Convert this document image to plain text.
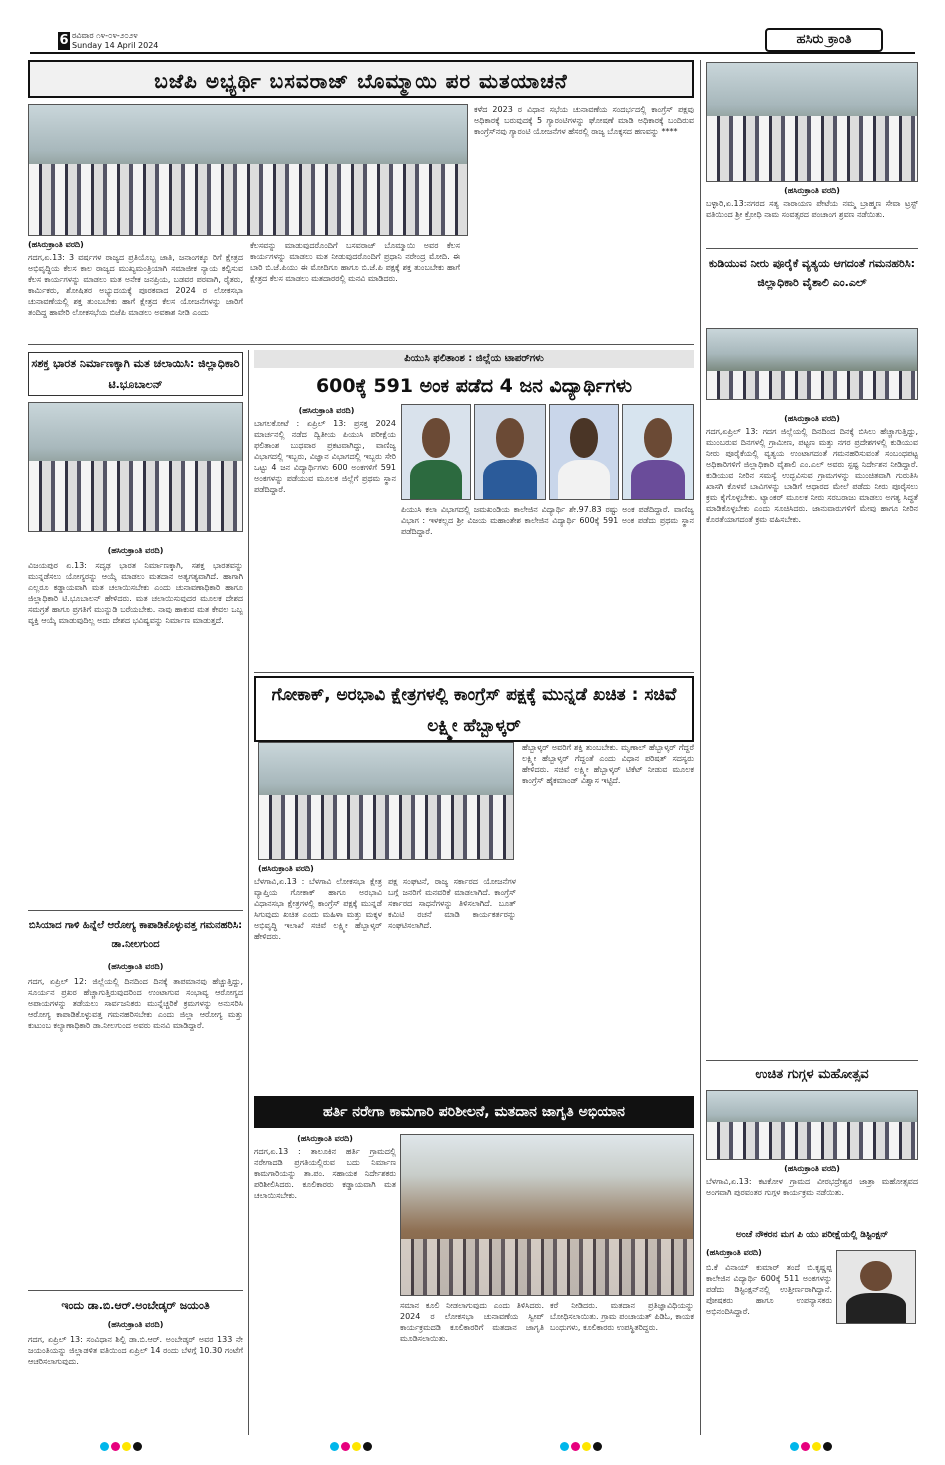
6 ರವಿವಾರ ೧೪-೦೪-೨೦೨೪
Sunday 14 April 2024	ಹಸಿರು ಕ್ರಾಂತಿ
ಬಜೆಪಿ ಅಭ್ಯರ್ಥಿ ಬಸವರಾಜ್ ಬೊಮ್ಮಾಯಿ ಪರ ಮತಯಾಚನೆ
(ಹಸಿರುಕ್ರಾಂತಿ ವರದಿ)
ಗದಗ,ಏ.13: 3 ವರ್ಷಗಳ ರಾಜ್ಯದ ಪ್ರತಿಯೊಬ್ಬ ಜಾತಿ, ಜನಾಂಗಕ್ಕೂ ರಿಗೆ ಕ್ಷೇತ್ರದ ಅಭಿವೃದ್ಧಿಯ ಕೆಲಸ ಕಾಲ ರಾಜ್ಯದ ಮುಖ್ಯಮಂತ್ರಿಯಾಗಿ ಸಮಾಜೀಕ ನ್ಯಾಯ ಕಲ್ಪಿಸುವ ಕೆಲಸ ಕಾರ್ಯಗಳನ್ನು ಮಾಡಲು ಮತ ಅನೇಕ ಜನಪ್ರಿಯ, ಬಡವರ ಪರವಾಗಿ, ರೈತರು, ಕಾರ್ಮಿಕರು, ಶೋಷಿತರ ಅಭ್ಯುದಯಕ್ಕೆ ಪೂರಕವಾದ 2024 ರ ಲೋಕಸಭಾ ಚುನಾವಣೆಯಲ್ಲಿ ಶಕ್ತ ತುಂಬಬೇಕು ಹಾಗೆ ಕ್ಷೇತ್ರದ ಕೆಲಸ ಯೋಜನೆಗಳನ್ನು ಜಾರಿಗೆ ತಂದಿದ್ದ ಹಾವೇರಿ ಲೋಕಸಭೆಯ ಬಿಜೆಪಿ ಮಾಡಲು ಅವಕಾಶ ನೀಡಿ ಎಂದು
ಕೆಲಸವನ್ನು ಮಾಡುವುದರೊಂದಿಗೆ ಬಸವರಾಜ್ ಬೊಮ್ಮಾಯಿ ಅವರ ಕೆಲಸ ಕಾರ್ಯಗಳನ್ನು ಮಾಡಲು ಮತ ನೀಡುವುದರೊಂದಿಗೆ ಪ್ರಧಾನಿ ನರೇಂದ್ರ ಮೋದಿ. ಈ ಬಾರಿ ಬಿ.ಜೆ.ಪಿಯು ಈ ಮೋದಿಗೂ ಹಾಗೂ ಬಿ.ಜೆ.ಪಿ ಪಕ್ಷಕ್ಕೆ ಶಕ್ತ ತುಂಬಬೇಕು ಹಾಗೆ ಕ್ಷೇತ್ರದ ಕೆಲಸ ಮಾಡಲು ಮತದಾರರಲ್ಲಿ ಮನವಿ ಮಾಡಿದರು.
ಕಳೆದ 2023 ರ ವಿಧಾನ ಸಭೆಯ ಚುನಾವಣೆಯ ಸಂದರ್ಭದಲ್ಲಿ ಕಾಂಗ್ರೆಸ್ ಪಕ್ಷವು ಅಧಿಕಾರಕ್ಕೆ ಬರುವುದಕ್ಕೆ 5 ಗ್ಯಾರಂಟಿಗಳನ್ನು ಘೋಷಣೆ ಮಾಡಿ ಅಧಿಕಾರಕ್ಕೆ ಬಂದಿರುವ ಕಾಂಗ್ರೆಸ್‌ನವು ಗ್ಯಾರಂಟಿ ಯೋಜನೆಗಳ ಹೆಸರಲ್ಲಿ ರಾಜ್ಯ ಬೊಕ್ಕಸದ ಹಣವನ್ನು ****
(ಹಸಿರುಕ್ರಾಂತಿ ವರದಿ)
ಬಳ್ಳಾರಿ,ಏ.13:ನಗರದ ಸತ್ಯ ನಾರಾಯಣ ಪೇಟೆಯ ನಮ್ಮ ಬ್ರಾಹ್ಮಣ ಸೇವಾ ಟ್ರಸ್ಟ್ ವತಿಯಿಂದ ಶ್ರೀ ಕ್ರೋಧಿ ನಾಮ ಸಂವತ್ಸರದ ಪಂಚಾಂಗ ಶ್ರವಣ ನಡೆಯಿತು.
ಕುಡಿಯುವ ನೀರು ಪೂರೈಕೆ ವ್ಯತ್ಯಯ ಆಗದಂತೆ ಗಮನಹರಿಸಿ: ಜಿಲ್ಲಾಧಿಕಾರಿ ವೈಶಾಲಿ ಎಂ.ಎಲ್
(ಹಸಿರುಕ್ರಾಂತಿ ವರದಿ)
ಗದಗ,ಏಪ್ರಿಲ್ 13: ಗದಗ ಜಿಲ್ಲೆಯಲ್ಲಿ ದಿನದಿಂದ ದಿನಕ್ಕೆ ಬಿಸಿಲು ಹೆಚ್ಚಾಗುತ್ತಿದ್ದು, ಮುಂಬರುವ ದಿನಗಳಲ್ಲಿ ಗ್ರಾಮೀಣ, ಪಟ್ಟಣ ಮತ್ತು ನಗರ ಪ್ರದೇಶಗಳಲ್ಲಿ ಕುಡಿಯುವ ನೀರು ಪೂರೈಕೆಯಲ್ಲಿ ವ್ಯತ್ಯಯ ಉಂಟಾಗದಂತೆ ಗಮನಹರಿಸುವಂತೆ ಸಂಬಂಧಪಟ್ಟ ಅಧಿಕಾರಿಗಳಿಗೆ ಜಿಲ್ಲಾಧಿಕಾರಿ ವೈಶಾಲಿ ಎಂ.ಎಲ್ ಅವರು ಸ್ಪಷ್ಟ ನಿರ್ದೇಶನ ನೀಡಿದ್ದಾರೆ. ಕುಡಿಯುವ ನೀರಿನ ಸಮಸ್ಯೆ ಉದ್ಭವಿಸುವ ಗ್ರಾಮಗಳನ್ನು ಮುಂಚಿತವಾಗಿ ಗುರುತಿಸಿ ಖಾಸಗಿ ಕೊಳವೆ ಬಾವಿಗಳನ್ನು ಬಾಡಿಗೆ ಆಧಾರದ ಮೇಲೆ ಪಡೆದು ನೀರು ಪೂರೈಸಲು ಕ್ರಮ ಕೈಗೊಳ್ಳಬೇಕು. ಟ್ಯಾಂಕರ್ ಮೂಲಕ ನೀರು ಸರಬರಾಜು ಮಾಡಲು ಅಗತ್ಯ ಸಿದ್ಧತೆ ಮಾಡಿಕೊಳ್ಳಬೇಕು ಎಂದು ಸೂಚಿಸಿದರು. ಜಾನುವಾರುಗಳಿಗೆ ಮೇವು ಹಾಗೂ ನೀರಿನ ಕೊರತೆಯಾಗದಂತೆ ಕ್ರಮ ವಹಿಸಬೇಕು.
ಉಚಿತ ಗುಗ್ಗಳ ಮಹೋತ್ಸವ
(ಹಸಿರುಕ್ರಾಂತಿ ವರದಿ)
ಬೆಳಗಾವಿ,ಏ.13: ಕಟಕೋಳ ಗ್ರಾಮದ ವೀರಭದ್ರೇಶ್ವರ ಜಾತ್ರಾ ಮಹೋತ್ಸವದ ಅಂಗವಾಗಿ ಪುರವಂತರ ಗುಗ್ಗಳ ಕಾರ್ಯಕ್ರಮ ನಡೆಯಿತು.
ಅಂಚೆ ನೌಕರನ ಮಗ ಪಿ ಯು ಪರೀಕ್ಷೆಯಲ್ಲಿ ಡಿಸ್ಟಿಂಕ್ಷನ್
(ಹಸಿರುಕ್ರಾಂತಿ ವರದಿ)
ಬಿ.ಕೆ ವಿನಾಯ್ ಕುಮಾರ್ ತಂದೆ ಬಿ.ಕೃಷ್ಣಪ್ಪ ಕಾಲೇಜಿನ ವಿದ್ಯಾರ್ಥಿ 600ಕ್ಕೆ 511 ಅಂಕಗಳನ್ನು ಪಡೆದು ಡಿಸ್ಟಿಂಕ್ಷನ್‌ನಲ್ಲಿ ಉತ್ತೀರ್ಣರಾಗಿದ್ದಾನೆ. ಪೋಷಕರು ಹಾಗೂ ಉಪನ್ಯಾಸಕರು ಅಭಿನಂದಿಸಿದ್ದಾರೆ.
ಸಶಕ್ತ ಭಾರತ ನಿರ್ಮಾಣಕ್ಕಾಗಿ ಮತ ಚಲಾಯಿಸಿ: ಜಿಲ್ಲಾಧಿಕಾರಿ ಟಿ.ಭೂಬಾಲನ್
(ಹಸಿರುಕ್ರಾಂತಿ ವರದಿ)
ವಿಜಯಪುರ ಏ.13: ಸದೃಢ ಭಾರತ ನಿರ್ಮಾಣಕ್ಕಾಗಿ, ಸಶಕ್ತ ಭಾರತವನ್ನು ಮುನ್ನಡೆಸಲು ಯೋಗ್ಯರನ್ನು ಆಯ್ಕೆ ಮಾಡಲು ಮತದಾನ ಅತ್ಯಗತ್ಯವಾಗಿದೆ. ಹಾಗಾಗಿ ಎಲ್ಲರೂ ಕಡ್ಡಾಯವಾಗಿ ಮತ ಚಲಾಯಿಸಬೇಕು ಎಂದು ಚುನಾವಣಾಧಿಕಾರಿ ಹಾಗೂ ಜಿಲ್ಲಾಧಿಕಾರಿ ಟಿ.ಭೂಬಾಲನ್ ಹೇಳಿದರು. ಮತ ಚಲಾಯಿಸುವುದರ ಮೂಲಕ ದೇಶದ ಸಮಗ್ರತೆ ಹಾಗೂ ಪ್ರಗತಿಗೆ ಮುನ್ನುಡಿ ಬರೆಯಬೇಕು. ನಾವು ಹಾಕುವ ಮತ ಕೇವಲ ಒಬ್ಬ ವ್ಯಕ್ತಿ ಆಯ್ಕೆ ಮಾಡುವುದಿಲ್ಲ ಅದು ದೇಶದ ಭವಿಷ್ಯವನ್ನು ನಿರ್ಮಾಣ ಮಾಡುತ್ತದೆ.
ಬಿಸಿಯಾದ ಗಾಳಿ ಹಿನ್ನೆಲೆ ಆರೋಗ್ಯ ಕಾಪಾಡಿಕೊಳ್ಳುವತ್ತ ಗಮನಹರಿಸಿ: ಡಾ.ನೀಲಗುಂದ
(ಹಸಿರುಕ್ರಾಂತಿ ವರದಿ)
ಗದಗ, ಏಪ್ರಿಲ್ 12: ಜಿಲ್ಲೆಯಲ್ಲಿ ದಿನದಿಂದ ದಿನಕ್ಕೆ ತಾಪಮಾನವು ಹೆಚ್ಚುತ್ತಿದ್ದು, ಸೂರ್ಯನ ಪ್ರಖರ ಹೆಚ್ಚಾಗುತ್ತಿರುವುದರಿಂದ ಉಂಟಾಗುವ ಸಂಭಾವ್ಯ ಆರೋಗ್ಯದ ಅಪಾಯಗಳನ್ನು ತಡೆಯಲು ಸಾರ್ವಜನಿಕರು ಮುನ್ನೆಚ್ಚರಿಕೆ ಕ್ರಮಗಳನ್ನು ಅನುಸರಿಸಿ ಆರೋಗ್ಯ ಕಾಪಾಡಿಕೊಳ್ಳುವತ್ತ ಗಮನಹರಿಸಬೇಕು ಎಂದು ಜಿಲ್ಲಾ ಆರೋಗ್ಯ ಮತ್ತು ಕುಟುಂಬ ಕಲ್ಯಾಣಾಧಿಕಾರಿ ಡಾ.ನೀಲಗುಂದ ಅವರು ಮನವಿ ಮಾಡಿದ್ದಾರೆ.
ಇಂದು ಡಾ.ಬಿ.ಆರ್.ಅಂಬೇಡ್ಕರ್ ಜಯಂತಿ
(ಹಸಿರುಕ್ರಾಂತಿ ವರದಿ)
ಗದಗ, ಏಪ್ರಿಲ್ 13: ಸಂವಿಧಾನ ಶಿಲ್ಪಿ ಡಾ.ಬಿ.ಆರ್. ಅಂಬೇಡ್ಕರ್ ಅವರ 133 ನೇ ಜಯಂತಿಯನ್ನು ಜಿಲ್ಲಾಡಳಿತ ವತಿಯಿಂದ ಏಪ್ರಿಲ್ 14 ರಂದು ಬೆಳಗ್ಗೆ 10.30 ಗಂಟೆಗೆ ಆಚರಿಸಲಾಗುವುದು.
ಪಿಯುಸಿ ಫಲಿತಾಂಶ : ಜಿಲ್ಲೆಯ ಟಾಪರ್‌ಗಳು
600ಕ್ಕೆ 591 ಅಂಕ ಪಡೆದ 4 ಜನ ವಿದ್ಯಾರ್ಥಿಗಳು
(ಹಸಿರುಕ್ರಾಂತಿ ವರದಿ)
ಬಾಗಲಕೋಟೆ : ಏಪ್ರಿಲ್ 13: ಪ್ರಸಕ್ತ 2024 ಮಾರ್ಚನಲ್ಲಿ ನಡೆದ ದ್ವಿತೀಯ ಪಿಯುಸಿ ಪರೀಕ್ಷೆಯ ಫಲಿತಾಂಶ ಬುಧವಾರ ಪ್ರಕಟವಾಗಿದ್ದು, ವಾಣಿಜ್ಯ ವಿಭಾಗದಲ್ಲಿ ಇಬ್ಬರು, ವಿಜ್ಞಾನ ವಿಭಾಗದಲ್ಲಿ ಇಬ್ಬರು ಸೇರಿ ಒಟ್ಟು 4 ಜನ ವಿದ್ಯಾರ್ಥಿಗಳು 600 ಅಂಕಗಳಿಗೆ 591 ಅಂಕಗಳನ್ನು ಪಡೆಯುವ ಮೂಲಕ ಜಿಲ್ಲೆಗೆ ಪ್ರಥಮ ಸ್ಥಾನ ಪಡೆದಿದ್ದಾರೆ.
ಪಿಯುಸಿ ಕಲಾ ವಿಭಾಗದಲ್ಲಿ ಜಮಖಂಡಿಯ ಕಾಲೇಜಿನ ವಿದ್ಯಾರ್ಥಿ ಶೇ.97.83 ರಷ್ಟು ಅಂಕ ಪಡೆದಿದ್ದಾರೆ. ವಾಣಿಜ್ಯ ವಿಭಾಗ : ಇಳಕಲ್ಲದ ಶ್ರೀ ವಿಜಯ ಮಹಾಂತೇಶ ಕಾಲೇಜಿನ ವಿದ್ಯಾರ್ಥಿ 600ಕ್ಕೆ 591 ಅಂಕ ಪಡೆದು ಪ್ರಥಮ ಸ್ಥಾನ ಪಡೆದಿದ್ದಾರೆ.
ಗೋಕಾಕ್, ಅರಭಾವಿ ಕ್ಷೇತ್ರಗಳಲ್ಲಿ ಕಾಂಗ್ರೆಸ್ ಪಕ್ಷಕ್ಕೆ ಮುನ್ನಡೆ ಖಚಿತ : ಸಚಿವೆ ಲಕ್ಷ್ಮೀ ಹೆಬ್ಬಾಳ್ಕರ್
(ಹಸಿರುಕ್ರಾಂತಿ ವರದಿ)
ಬೆಳಗಾವಿ,ಏ.13 : ಬೆಳಗಾವಿ ಲೋಕಸಭಾ ಕ್ಷೇತ್ರ ವ್ಯಾಪ್ತಿಯ ಗೋಕಾಕ್ ಹಾಗೂ ಅರಭಾವಿ ವಿಧಾನಸಭಾ ಕ್ಷೇತ್ರಗಳಲ್ಲಿ ಕಾಂಗ್ರೆಸ್ ಪಕ್ಷಕ್ಕೆ ಮುನ್ನಡೆ ಸಿಗುವುದು ಖಚಿತ ಎಂದು ಮಹಿಳಾ ಮತ್ತು ಮಕ್ಕಳ ಅಭಿವೃದ್ಧಿ ಇಲಾಖೆ ಸಚಿವೆ ಲಕ್ಷ್ಮೀ ಹೆಬ್ಬಾಳ್ಕರ್ ಹೇಳಿದರು.
ಪಕ್ಷ ಸಂಘಟನೆ, ರಾಜ್ಯ ಸರ್ಕಾರದ ಯೋಜನೆಗಳ ಬಗ್ಗೆ ಜನರಿಗೆ ಮನವರಿಕೆ ಮಾಡಲಾಗಿದೆ. ಕಾಂಗ್ರೆಸ್ ಸರ್ಕಾರದ ಸಾಧನೆಗಳನ್ನು ತಿಳಿಸಲಾಗಿದೆ. ಬೂತ್ ಕಮಿಟಿ ರಚನೆ ಮಾಡಿ ಕಾರ್ಯಕರ್ತರನ್ನು ಸಂಘಟಿಸಲಾಗಿದೆ.
ಹೆಬ್ಬಾಳ್ಕರ್ ಅವರಿಗೆ ಶಕ್ತಿ ತುಂಬಬೇಕು. ಮೃಣಾಲ್ ಹೆಬ್ಬಾಳ್ಕರ್ ಗೆದ್ದರೆ ಲಕ್ಷ್ಮೀ ಹೆಬ್ಬಾಳ್ಕರ್ ಗೆದ್ದಂತೆ ಎಂದು ವಿಧಾನ ಪರಿಷತ್ ಸದಸ್ಯರು ಹೇಳಿದರು. ಸಚಿವೆ ಲಕ್ಷ್ಮೀ ಹೆಬ್ಬಾಳ್ಕರ್ ಟಿಕೆಟ್ ನೀಡುವ ಮೂಲಕ ಕಾಂಗ್ರೆಸ್ ಹೈಕಮಾಂಡ್ ವಿಶ್ವಾಸ ಇಟ್ಟಿದೆ.
ಹರ್ತಿ ನರೇಗಾ ಕಾಮಗಾರಿ ಪರಿಶೀಲನೆ, ಮತದಾನ ಜಾಗೃತಿ ಅಭಿಯಾನ
(ಹಸಿರುಕ್ರಾಂತಿ ವರದಿ)
ಗದಗ,ಏ.13 : ತಾಲೂಕಿನ ಹರ್ತಿ ಗ್ರಾಮದಲ್ಲಿ ನರೇಗಾದಡಿ ಪ್ರಗತಿಯಲ್ಲಿರುವ ಬದು ನಿರ್ಮಾಣ ಕಾಮಗಾರಿಯನ್ನು ತಾ.ಪಂ. ಸಹಾಯಕ ನಿರ್ದೇಶಕರು ಪರಿಶೀಲಿಸಿದರು. ಕೂಲಿಕಾರರು ಕಡ್ಡಾಯವಾಗಿ ಮತ ಚಲಾಯಿಸಬೇಕು.
ಸಮಾನ ಕೂಲಿ ನೀಡಲಾಗುವುದು ಎಂದು ತಿಳಿಸಿದರು. 2024 ರ ಲೋಕಸಭಾ ಚುನಾವಣೆಯ ಸ್ವೀಪ್ ಕಾರ್ಯಕ್ರಮದಡಿ ಕೂಲಿಕಾರರಿಗೆ ಮತದಾನ ಜಾಗೃತಿ ಮೂಡಿಸಲಾಯಿತು.
ಕರೆ ನೀಡಿದರು. ಮತದಾನ ಪ್ರತಿಜ್ಞಾವಿಧಿಯನ್ನು ಬೋಧಿಸಲಾಯಿತು. ಗ್ರಾಮ ಪಂಚಾಯತ್ ಪಿಡಿಓ, ಕಾಯಕ ಬಂಧುಗಳು, ಕೂಲಿಕಾರರು ಉಪಸ್ಥಿತರಿದ್ದರು.
